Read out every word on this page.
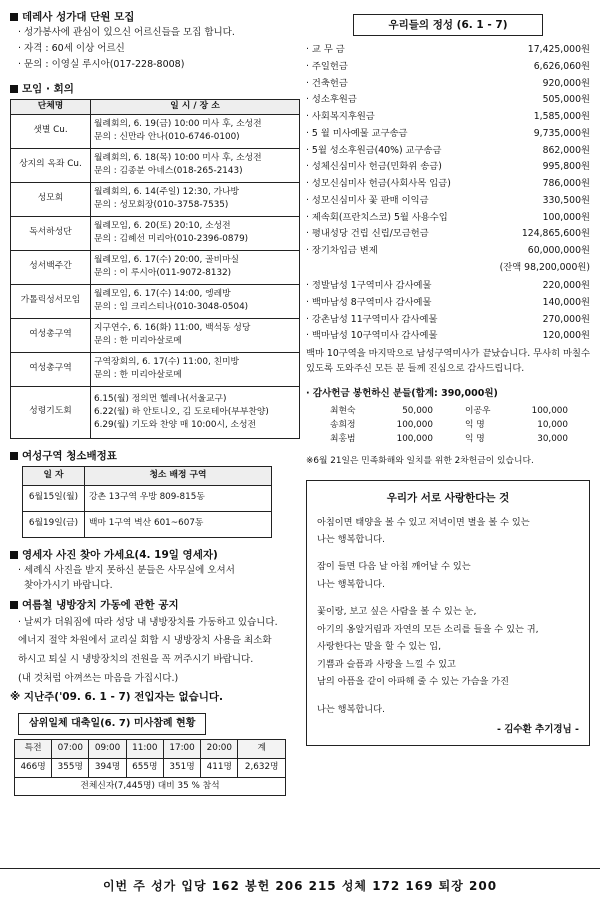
데레사 성가대 단원 모집
· 성가봉사에 관심이 있으신 어르신들을 모집 합니다.
· 자격 : 60세 이상 어르신
· 문의 : 이영실 루시아(017-228-8008)
모임 · 회의
단체명	일 시 / 장 소
샛별 Cu.	월례회의, 6. 19(금) 10:00 미사 후, 소성전
문의 : 신만라 안나(010-6746-0100)

상지의 옥좌 Cu.	월례회의, 6. 18(목) 10:00 미사 후, 소성전
문의 : 김종분 아네스(018-265-2143)

성모회	월례회의, 6. 14(주일) 12:30, 가나방
문의 : 성모회장(010-3758-7535)

독서하성단	월례모임, 6. 20(토) 20:10, 소성전
문의 : 김혜선 미리아(010-2396-0879)

성서백주간	월례모임, 6. 17(수) 20:00, 골비마실
문의 : 이 루시아(011-9072-8132)

가톨릭성서모임	월례모임, 6. 17(수) 14:00, 엥레방
문의 : 임 크리스티나(010-3048-0504)

여성총구역	지구연수, 6. 16(화) 11:00, 백석동 성당
문의 : 한 미리아살로메

여성총구역	구역장회의, 6. 17(수) 11:00, 친미방
문의 : 한 미리아살로메

성령기도회	6.15(월) 정의먼 헬레나(서울교구)
6.22(월) 하 안토니오, 김 도로테아(부부찬양)
6.29(월) 기도와 찬양 매 10:00시, 소성전
여성구역 청소배정표
일 자	청소 배정 구역
6월15일(월)	강촌 13구역 우방 809-815동
6월19일(금)	백마 1구역 벽산 601~607동
영세자 사진 찾아 가세요(4. 19일 영세자)
· 세례식 사진을 받지 못하신 분들은 사무실에 오셔서
찾아가시기 바랍니다.
여름철 냉방장치 가동에 관한 공지
· 날씨가 더워짐에 따라 성당 내 냉방장치를 가동하고 있습니다.
에너지 절약 차원에서 교리실 회합 시 냉방장치 사용을 최소화
하시고 퇴실 시 냉방장치의 전원을 꼭 꺼주시기 바랍니다.
(내 것처럼 아껴쓰는 마음을 가집시다.)
※ 지난주('09. 6. 1 - 7) 전입자는 없습니다.
삼위일체 대축일(6. 7) 미사참례 현황
특전	07:00	09:00	11:00	17:00	20:00	계
466명	355명	394명	655명	351명	411명	2,632명
전체신자(7,445명) 대비 35 % 참석						
우리들의 정성 (6. 1 - 7)
· 교 무 금	17,425,000원
· 주일헌금	6,626,060원
· 건축헌금	920,000원
· 성소후원금	505,000원
· 사회복지후원금	1,585,000원
· 5 월 미사예물 교구송금	9,735,000원
· 5월 성소후원금(40%) 교구송금	862,000원
· 성체신심미사 헌금(민화위 송금)	995,800원
· 성모신심미사 헌금(사회사목 입금)	786,000원
· 성모신심미사 꽃 판매 이익금	330,500원
· 제속회(프란치스코) 5월 사용수입	100,000원
· 평내성당 건립 신립/모금헌금	124,865,600원
· 장기차입금 변제	60,000,000원
(잔액 98,200,000원)
· 정발남성 1구역미사 감사예물	220,000원
· 백마남성 8구역미사 감사예물	140,000원
· 강촌남성 11구역미사 감사예물	270,000원
· 백마남성 10구역미사 감사예물	120,000원
백마 10구역을 마지막으로 남성구역미사가 끝났습니다. 무사히 마칠수 있도록 도와주신 모든 분 들께 진심으로 감사드립니다.
· 감사헌금 봉헌하신 분들(합계: 390,000원)
최현숙	50,000	이공우	100,000
송희정	100,000	익 명	10,000
최홍범	100,000	익 명	30,000
※6월 21일은 민족화해와 일치를 위한 2차헌금이 있습니다.
우리가 서로 사랑한다는 것

아침이면 태양을 볼 수 있고 저녁이면 별을 볼 수 있는

나는 행복합니다.

잠이 들면 다음 날 아침 깨어날 수 있는

나는 행복합니다.

꽃이랑, 보고 싶은 사람을 볼 수 있는 눈,

아기의 옹알거림과 자연의 모든 소리를 들을 수 있는 귀,

사랑한다는 말을 할 수 있는 입,

기쁨과 슬픔과 사랑을 느낄 수 있고

남의 아픔을 같이 아파해 줄 수 있는 가슴을 가진

나는 행복합니다.

- 김수환 추기경님 -
이번 주 성가 입당 162 봉헌 206 215 성체 172 169 퇴장 200
